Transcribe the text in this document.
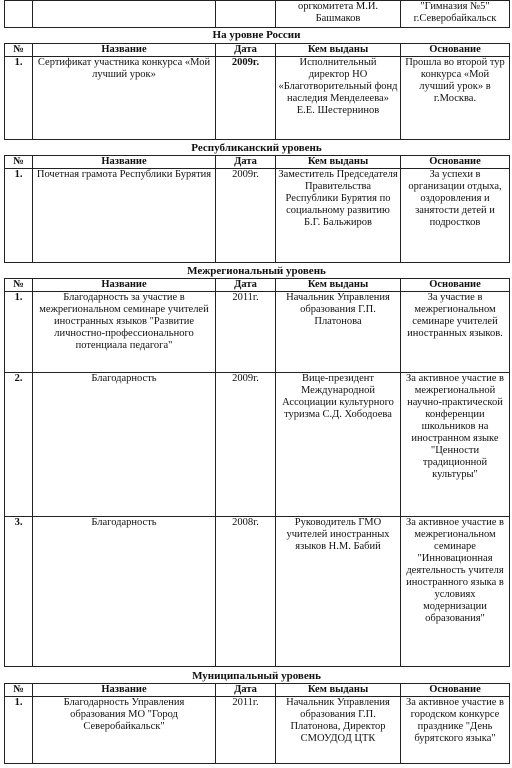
			оргкомитета М.И. Башмаков	"Гимназия №5" г.Северобайкальск
На уровне России
№	Название	Дата	Кем выданы	Основание
1.	Сертификат участника конкурса «Мой лучший урок»	2009г.	Исполнительный директор НО «Благотворительный фонд наследия Менделеева» Е.Е. Шестернинов	Прошла во второй тур конкурса «Мой лучший урок» в г.Москва.
Республиканский уровень
№	Название	Дата	Кем выданы	Основание
1.	Почетная грамота Республики Бурятия	2009г.	Заместитель Председателя Правительства Республики Бурятия по социальному развитию Б.Г. Бальжиров	За успехи в организации отдыха, оздоровления и занятости детей и подростков
Межрегиональный уровень
№	Название	Дата	Кем выданы	Основание
1.	Благодарность за участие в межрегиональном семинаре учителей иностранных языков "Развитие личностно-профессионального потенциала педагога"	2011г.	Начальник Управления образования Г.П. Платонова	За участие в межрегиональном семинаре учителей иностранных языков.
2.	Благодарность	2009г.	Вице-президент Международной Ассоциации культурного туризма С.Д. Хободоева	За активное участие в межрегиональной научно-практической конференции школьников на иностранном языке "Ценности традиционной культуры"
3.	Благодарность	2008г.	Руководитель ГМО учителей иностранных языков Н.М. Бабий	За активное участие в межрегиональном семинаре "Инновационная деятельность учителя иностранного языка в условиях модернизации образования"
Муниципальный уровень
№	Название	Дата	Кем выданы	Основание
1.	Благодарность Управления образования МО "Город Северобайкальск"	2011г.	Начальник Управления образования Г.П. Платонова, Директор СМОУДОД ЦТК	За активное участие в городском конкурсе празднике "День бурятского языка"
